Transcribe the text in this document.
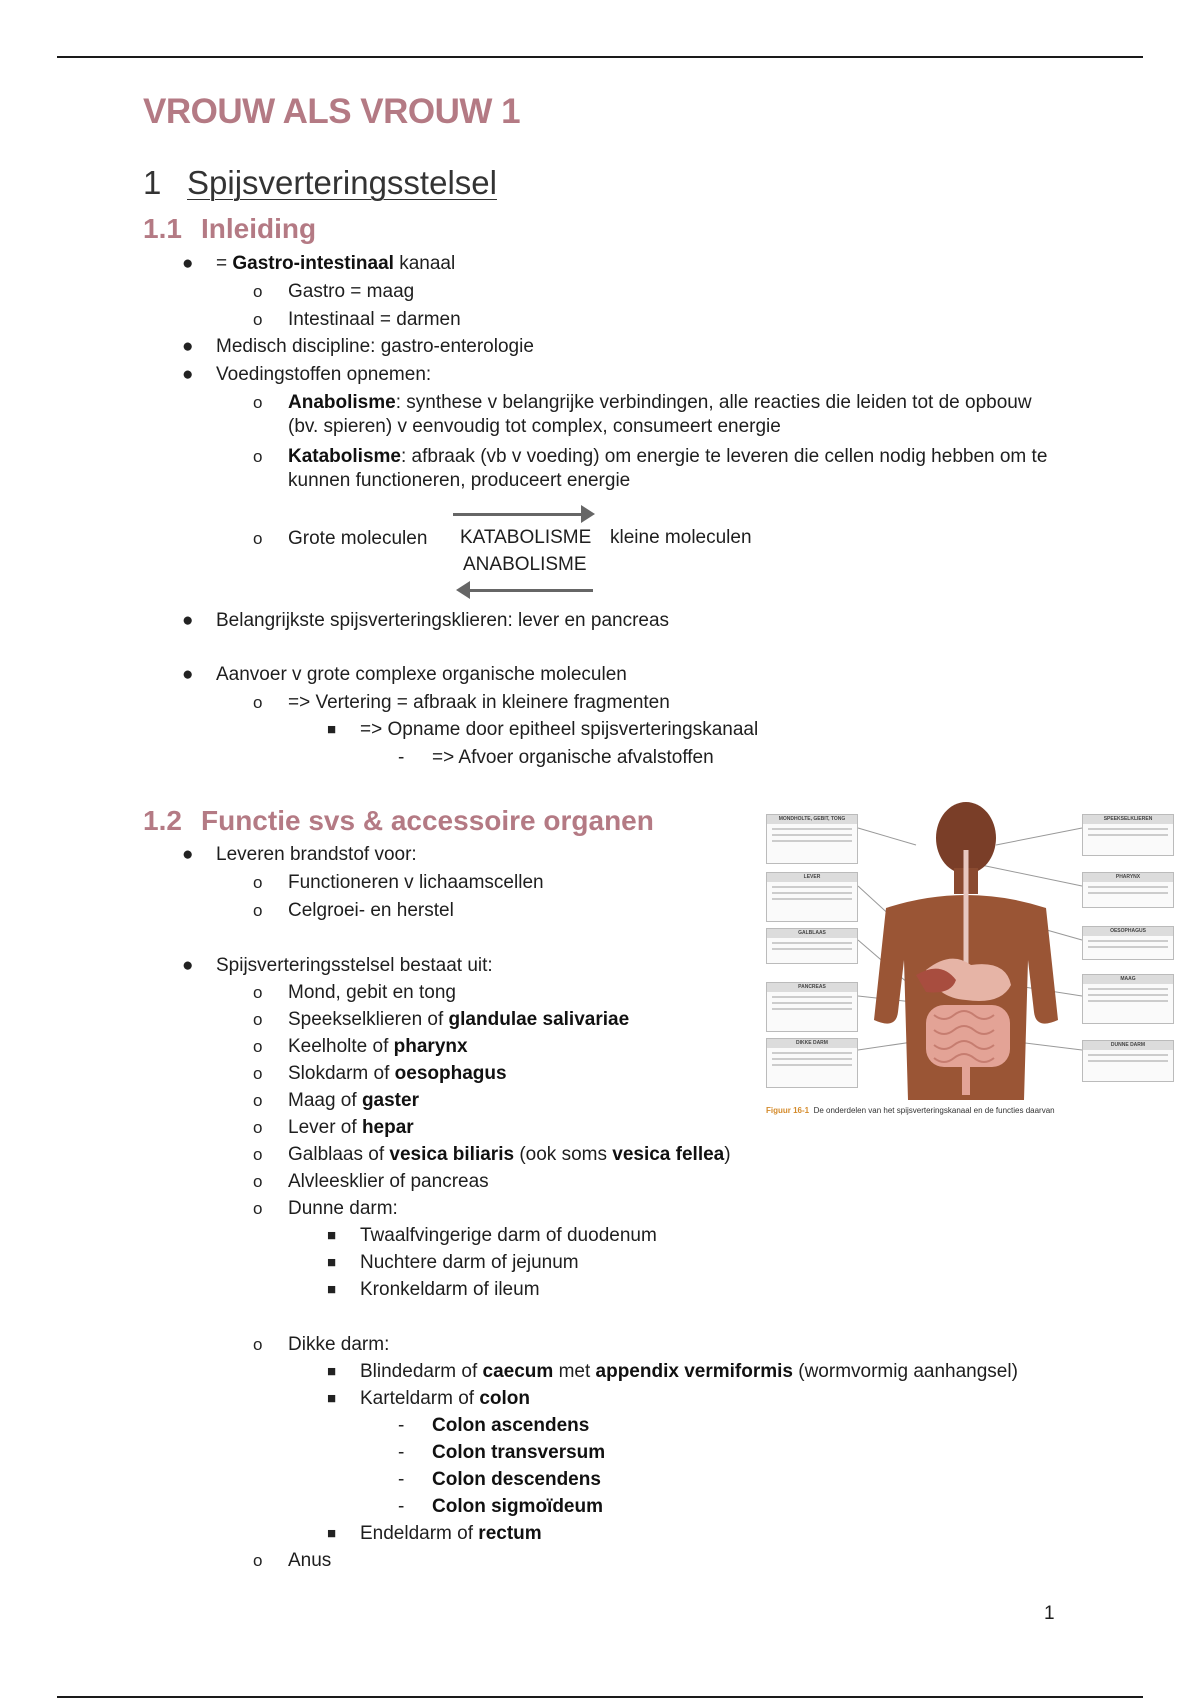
VROUW ALS VROUW 1
1 Spijsverteringsstelsel
1.1 Inleiding
● = Gastro-intestinaal kanaal
o Gastro = maag
o Intestinaal = darmen
● Medisch discipline: gastro-enterologie
● Voedingstoffen opnemen:
o Anabolisme: synthese v belangrijke verbindingen, alle reacties die leiden tot de opbouw (bv. spieren) v eenvoudig tot complex, consumeert energie
o Katabolisme: afbraak (vb v voeding) om energie te leveren die cellen nodig hebben om te kunnen functioneren, produceert energie
o Grote moleculen KATABOLISME kleine moleculen
ANABOLISME
● Belangrijkste spijsverteringsklieren: lever en pancreas
● Aanvoer v grote complexe organische moleculen
o => Vertering = afbraak in kleinere fragmenten
■ => Opname door epitheel spijsverteringskanaal
- => Afvoer organische afvalstoffen
1.2 Functie svs & accessoire organen
● Leveren brandstof voor:
o Functioneren v lichaamscellen
o Celgroei- en herstel
● Spijsverteringsstelsel bestaat uit:
o Mond, gebit en tong
o Speekselklieren of glandulae salivariae
o Keelholte of pharynx
o Slokdarm of oesophagus
o Maag of gaster
o Lever of hepar
o Galblaas of vesica biliaris (ook soms vesica fellea)
o Alvleesklier of pancreas
o Dunne darm:
■ Twaalfvingerige darm of duodenum
■ Nuchtere darm of jejunum
■ Kronkeldarm of ileum
o Dikke darm:
■ Blindedarm of caecum met appendix vermiformis (wormvormig aanhangsel)
■ Karteldarm of colon
- Colon ascendens
- Colon transversum
- Colon descendens
- Colon sigmoïdeum
■ Endeldarm of rectum
o Anus
MONDHOLTE, GEBIT, TONG
LEVER
GALBLAAS
PANCREAS
DIKKE DARM
SPEEKSELKLIEREN
PHARYNX
OESOPHAGUS
MAAG
DUNNE DARM
Figuur 16-1 De onderdelen van het spijsverteringskanaal en de functies daarvan
1
